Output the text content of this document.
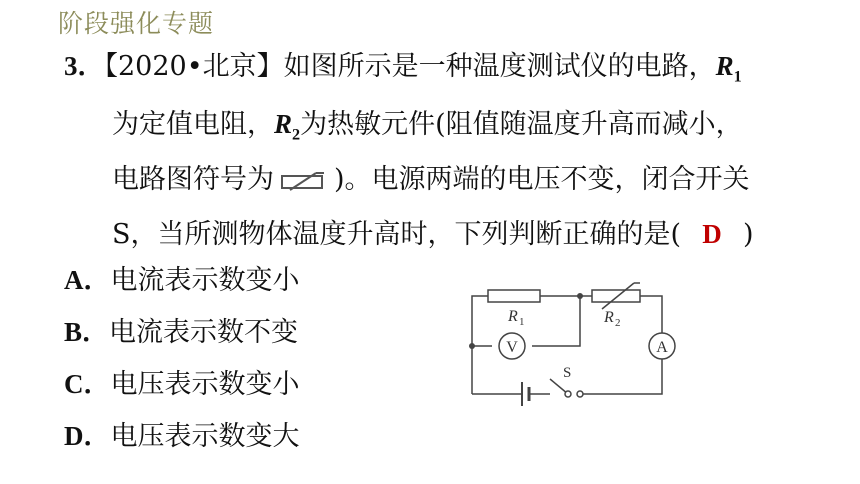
阶段强化专题
3．【2020•北京】如图所示是一种温度测试仪的电路，$R_1$
为定值电阻，$R_2$为热敏元件(阻值随温度升高而减小，
电路图符号为 )。电源两端的电压不变，闭合开关
S，当所测物体温度升高时，下列判断正确的是( D )
A．电流表示数变小
B．电流表示数不变
C．电压表示数变小
D．电压表示数变大
V	A
R 1	R 2
S
